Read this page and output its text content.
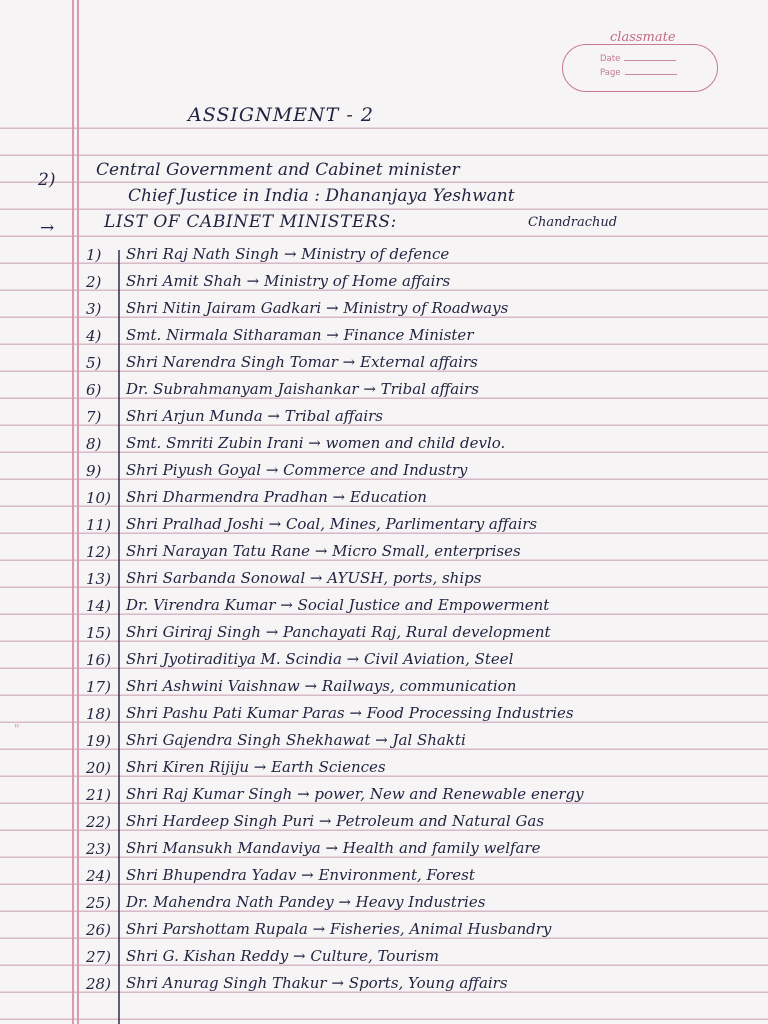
classmate
Date
Page
ASSIGNMENT - 2
2) Central Government and Cabinet minister
Chief Justice in India : Dhananjaya Yeshwant
→	LIST OF CABINET MINISTERS:	Chandrachud
"
1)	Shri Raj Nath Singh → Ministry of defence
2)	Shri Amit Shah → Ministry of Home affairs
3)	Shri Nitin Jairam Gadkari → Ministry of Roadways
4)	Smt. Nirmala Sitharaman → Finance Minister
5)	Shri Narendra Singh Tomar → External affairs
6)	Dr. Subrahmanyam Jaishankar → Tribal affairs
7)	Shri Arjun Munda → Tribal affairs
8)	Smt. Smriti Zubin Irani → women and child devlo.
9)	Shri Piyush Goyal → Commerce and Industry
10)	Shri Dharmendra Pradhan → Education
11)	Shri Pralhad Joshi → Coal, Mines, Parlimentary affairs
12)	Shri Narayan Tatu Rane → Micro Small, enterprises
13)	Shri Sarbanda Sonowal → AYUSH, ports, ships
14)	Dr. Virendra Kumar → Social Justice and Empowerment
15)	Shri Giriraj Singh → Panchayati Raj, Rural development
16)	Shri Jyotiraditiya M. Scindia → Civil Aviation, Steel
17)	Shri Ashwini Vaishnaw → Railways, communication
18)	Shri Pashu Pati Kumar Paras → Food Processing Industries
19)	Shri Gajendra Singh Shekhawat → Jal Shakti
20)	Shri Kiren Rijiju → Earth Sciences
21)	Shri Raj Kumar Singh → power, New and Renewable energy
22)	Shri Hardeep Singh Puri → Petroleum and Natural Gas
23)	Shri Mansukh Mandaviya → Health and family welfare
24)	Shri Bhupendra Yadav → Environment, Forest
25)	Dr. Mahendra Nath Pandey → Heavy Industries
26)	Shri Parshottam Rupala → Fisheries, Animal Husbandry
27)	Shri G. Kishan Reddy → Culture, Tourism
28)	Shri Anurag Singh Thakur → Sports, Young affairs
